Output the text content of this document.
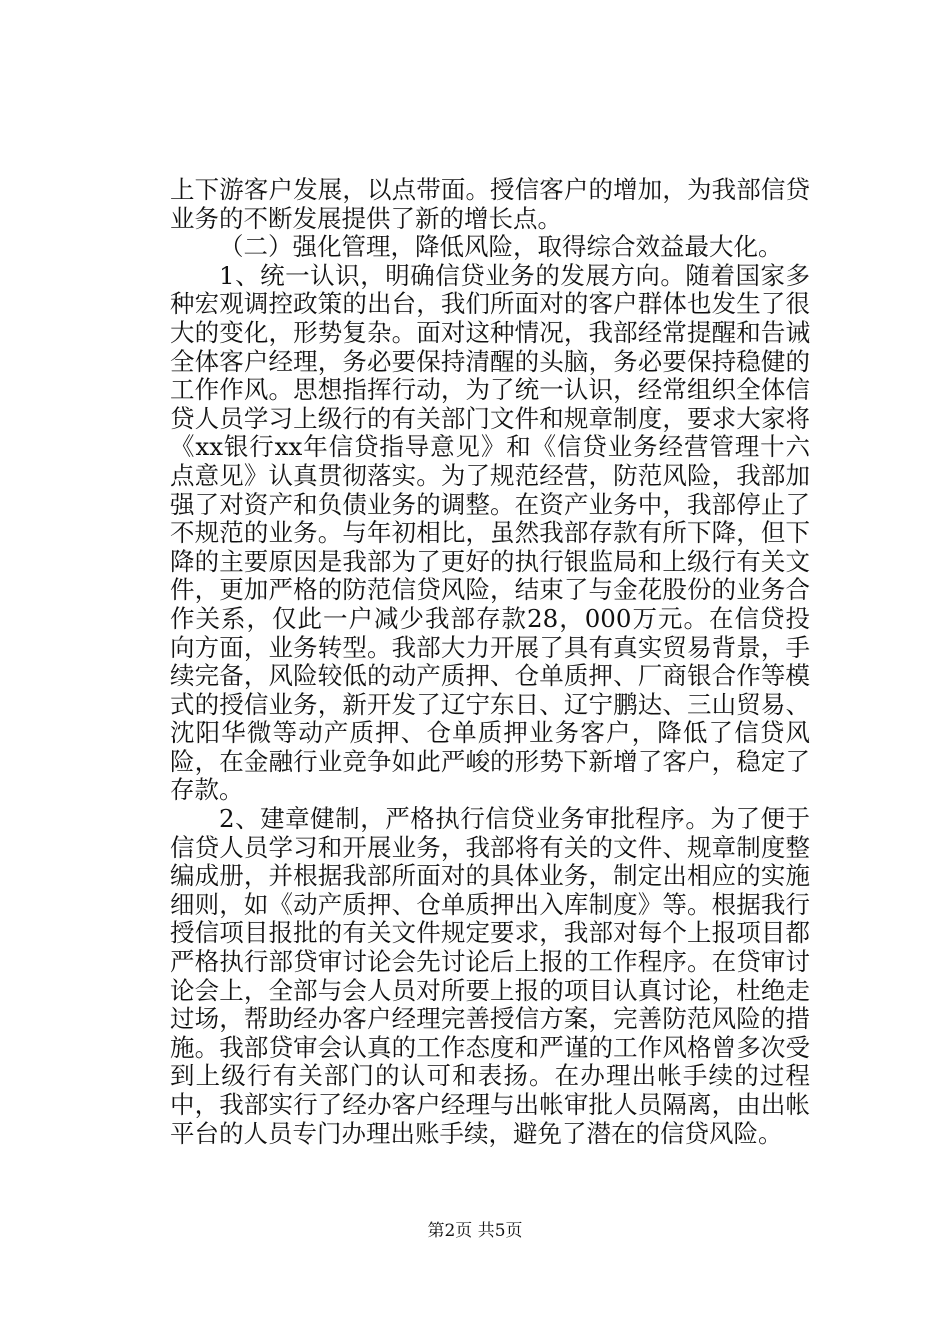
上下游客户发展，以点带面。授信客户的增加，为我部信贷业务的不断发展提供了新的增长点。

（二）强化管理，降低风险，取得综合效益最大化。

1、统一认识，明确信贷业务的发展方向。随着国家多种宏观调控政策的出台，我们所面对的客户群体也发生了很大的变化，形势复杂。面对这种情况，我部经常提醒和告诫全体客户经理，务必要保持清醒的头脑，务必要保持稳健的工作作风。思想指挥行动，为了统一认识，经常组织全体信贷人员学习上级行的有关部门文件和规章制度，要求大家将《xx银行xx年信贷指导意见》和《信贷业务经营管理十六点意见》认真贯彻落实。为了规范经营，防范风险，我部加强了对资产和负债业务的调整。在资产业务中，我部停止了不规范的业务。与年初相比，虽然我部存款有所下降，但下降的主要原因是我部为了更好的执行银监局和上级行有关文件，更加严格的防范信贷风险，结束了与金花股份的业务合作关系，仅此一户减少我部存款28，000万元。在信贷投向方面，业务转型。我部大力开展了具有真实贸易背景，手续完备，风险较低的动产质押、仓单质押、厂商银合作等模式的授信业务，新开发了辽宁东日、辽宁鹏达、三山贸易、沈阳华微等动产质押、仓单质押业务客户，降低了信贷风险，在金融行业竞争如此严峻的形势下新增了客户，稳定了存款。

2、建章健制，严格执行信贷业务审批程序。为了便于信贷人员学习和开展业务，我部将有关的文件、规章制度整编成册，并根据我部所面对的具体业务，制定出相应的实施细则，如《动产质押、仓单质押出入库制度》等。根据我行授信项目报批的有关文件规定要求，我部对每个上报项目都严格执行部贷审讨论会先讨论后上报的工作程序。在贷审讨论会上，全部与会人员对所要上报的项目认真讨论，杜绝走过场，帮助经办客户经理完善授信方案，完善防范风险的措施。我部贷审会认真的工作态度和严谨的工作风格曾多次受到上级行有关部门的认可和表扬。在办理出帐手续的过程中，我部实行了经办客户经理与出帐审批人员隔离，由出帐平台的人员专门办理出账手续，避免了潜在的信贷风险。

第2页 共5页
